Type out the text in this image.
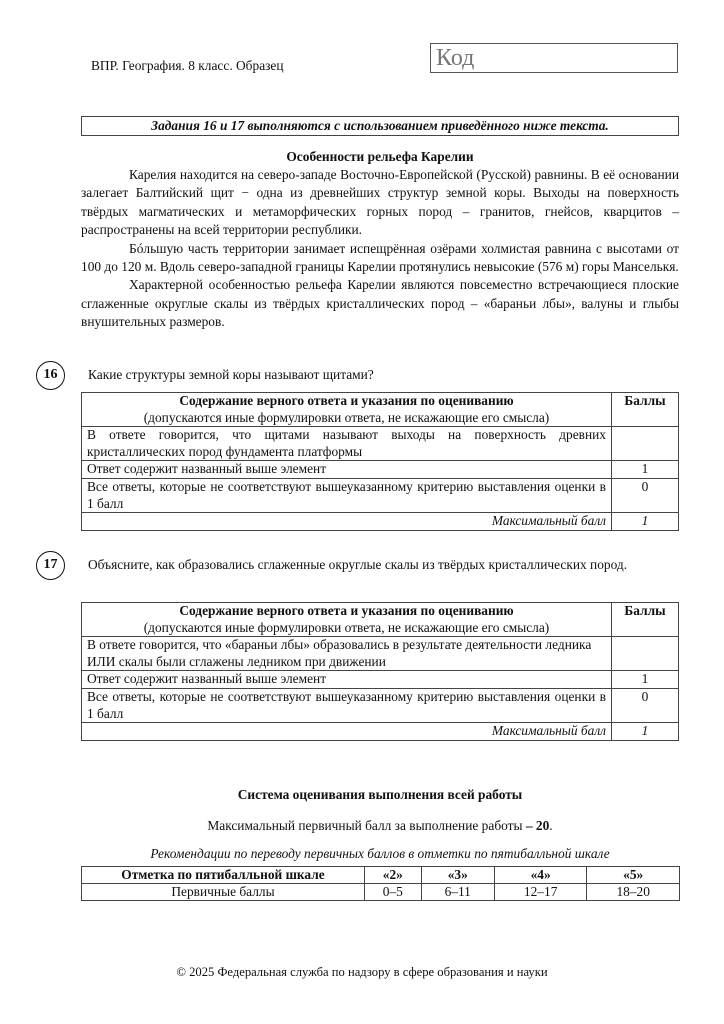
ВПР. География. 8 класс. Образец	Код
Задания 16 и 17 выполняются с использованием приведённого ниже текста.
Особенности рельефа Карелии

Карелия находится на северо-западе Восточно-Европейской (Русской) равнины. В её основании залегает Балтийский щит − одна из древнейших структур земной коры. Выходы на поверхность твёрдых магматических и метаморфических горных пород – гранитов, гнейсов, кварцитов – распространены на всей территории республики.

Бóльшую часть территории занимает испещрённая озёрами холмистая равнина с высотами от 100 до 120 м. Вдоль северо-западной границы Карелии протянулись невысокие (576 м) горы Манселькя.

Характерной особенностью рельефа Карелии являются повсеместно встречающиеся плоские сглаженные округлые скалы из твёрдых кристаллических пород – «бараньи лбы», валуны и глыбы внушительных размеров.

16	Какие структуры земной коры называют щитами?
Содержание верного ответа и указания по оцениванию
(допускаются иные формулировки ответа, не искажающие его смысла)	Баллы
В ответе говорится, что щитами называют выходы на поверхность древних кристаллических пород фундамента платформы	
Ответ содержит названный выше элемент	1
Все ответы, которые не соответствуют вышеуказанному критерию выставления оценки в 1 балл	0
Максимальный балл	1
17	Объясните, как образовались сглаженные округлые скалы из твёрдых кристаллических пород.
Содержание верного ответа и указания по оцениванию
(допускаются иные формулировки ответа, не искажающие его смысла)	Баллы

В ответе говорится, что «бараньи лбы» образовались в результате деятельности ледника
ИЛИ скалы были сглажены ледником при движении	

Ответ содержит названный выше элемент	1
Все ответы, которые не соответствуют вышеуказанному критерию выставления оценки в 1 балл	0
Максимальный балл	1
Система оценивания выполнения всей работы
Максимальный первичный балл за выполнение работы – 20.
Рекомендации по переводу первичных баллов в отметки по пятибалльной шкале
Отметка по пятибалльной шкале	«2»	«3»	«4»	«5»
Первичные баллы	0–5	6–11	12–17	18–20
© 2025 Федеральная служба по надзору в сфере образования и науки
